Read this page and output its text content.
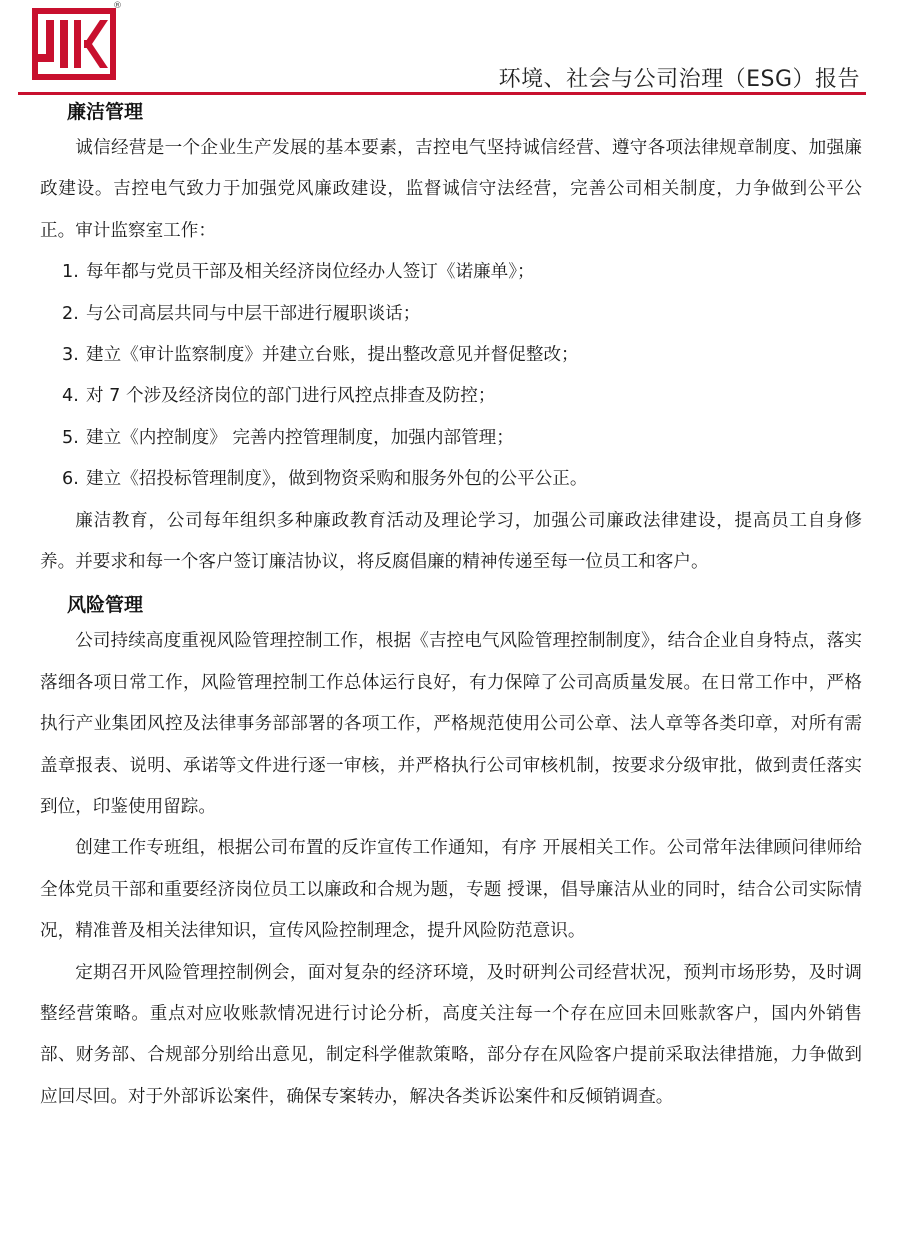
®
环境、社会与公司治理（ESG）报告
廉洁管理

诚信经营是一个企业生产发展的基本要素，吉控电气坚持诚信经营、遵守各项法律规章制度、加强廉政建设。吉控电气致力于加强党风廉政建设，监督诚信守法经营，完善公司相关制度，力争做到公平公正。审计监察室工作：

1. 每年都与党员干部及相关经济岗位经办人签订《诺廉单》；
2. 与公司高层共同与中层干部进行履职谈话；
3. 建立《审计监察制度》并建立台账，提出整改意见并督促整改；
4. 对 7 个涉及经济岗位的部门进行风控点排查及防控；
5. 建立《内控制度》 完善内控管理制度，加强内部管理；
6. 建立《招投标管理制度》，做到物资采购和服务外包的公平公正。

廉洁教育，公司每年组织多种廉政教育活动及理论学习，加强公司廉政法律建设，提高员工自身修养。并要求和每一个客户签订廉洁协议，将反腐倡廉的精神传递至每一位员工和客户。

风险管理

公司持续高度重视风险管理控制工作，根据《吉控电气风险管理控制制度》，结合企业自身特点，落实落细各项日常工作，风险管理控制工作总体运行良好，有力保障了公司高质量发展。在日常工作中，严格执行产业集团风控及法律事务部部署的各项工作，严格规范使用公司公章、法人章等各类印章，对所有需盖章报表、说明、承诺等文件进行逐一审核，并严格执行公司审核机制，按要求分级审批，做到责任落实到位，印鉴使用留踪。

创建工作专班组，根据公司布置的反诈宣传工作通知，有序 开展相关工作。公司常年法律顾问律师给全体党员干部和重要经济岗位员工以廉政和合规为题，专题 授课，倡导廉洁从业的同时，结合公司实际情况，精准普及相关法律知识，宣传风险控制理念，提升风险防范意识。

定期召开风险管理控制例会，面对复杂的经济环境，及时研判公司经营状况，预判市场形势，及时调 整经营策略。重点对应收账款情况进行讨论分析，高度关注每一个存在应回未回账款客户，国内外销售部、财务部、合规部分别给出意见，制定科学催款策略，部分存在风险客户提前采取法律措施，力争做到应回尽回。对于外部诉讼案件，确保专案转办，解决各类诉讼案件和反倾销调查。
